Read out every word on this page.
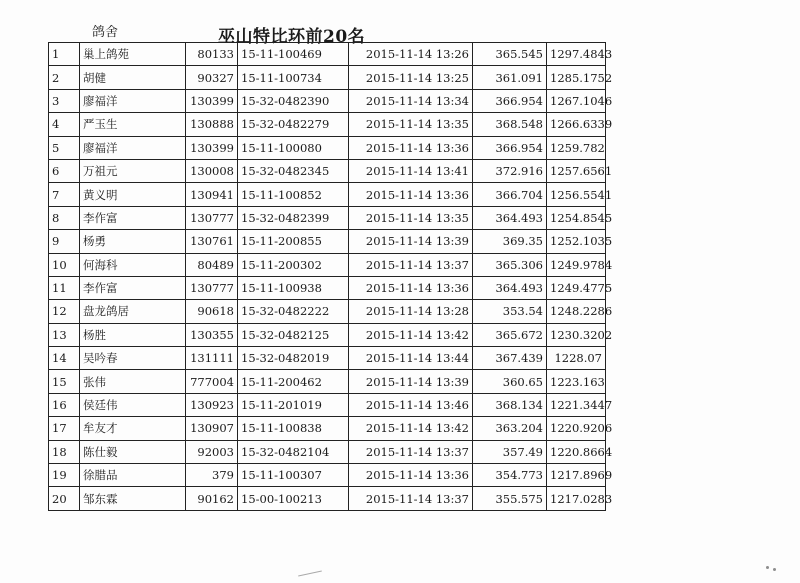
鸽舍	巫山特比环前20名
1	巢上鸽苑	80133	15-11-100469	2015-11-14 13:26	365.545	1297.4843
2	胡健	90327	15-11-100734	2015-11-14 13:25	361.091	1285.1752
3	廖福洋	130399	15-32-0482390	2015-11-14 13:34	366.954	1267.1046
4	严玉生	130888	15-32-0482279	2015-11-14 13:35	368.548	1266.6339
5	廖福洋	130399	15-11-100080	2015-11-14 13:36	366.954	1259.782
6	万祖元	130008	15-32-0482345	2015-11-14 13:41	372.916	1257.6561
7	黄义明	130941	15-11-100852	2015-11-14 13:36	366.704	1256.5541
8	李作富	130777	15-32-0482399	2015-11-14 13:35	364.493	1254.8545
9	杨勇	130761	15-11-200855	2015-11-14 13:39	369.35	1252.1035
10	何海科	80489	15-11-200302	2015-11-14 13:37	365.306	1249.9784
11	李作富	130777	15-11-100938	2015-11-14 13:36	364.493	1249.4775
12	盘龙鸽居	90618	15-32-0482222	2015-11-14 13:28	353.54	1248.2286
13	杨胜	130355	15-32-0482125	2015-11-14 13:42	365.672	1230.3202
14	吴吟春	131111	15-32-0482019	2015-11-14 13:44	367.439	1228.07
15	张伟	777004	15-11-200462	2015-11-14 13:39	360.65	1223.163
16	侯廷伟	130923	15-11-201019	2015-11-14 13:46	368.134	1221.3447
17	牟友才	130907	15-11-100838	2015-11-14 13:42	363.204	1220.9206
18	陈仕毅	92003	15-32-0482104	2015-11-14 13:37	357.49	1220.8664
19	徐腊品	379	15-11-100307	2015-11-14 13:36	354.773	1217.8969
20	邹东霖	90162	15-00-100213	2015-11-14 13:37	355.575	1217.0283
